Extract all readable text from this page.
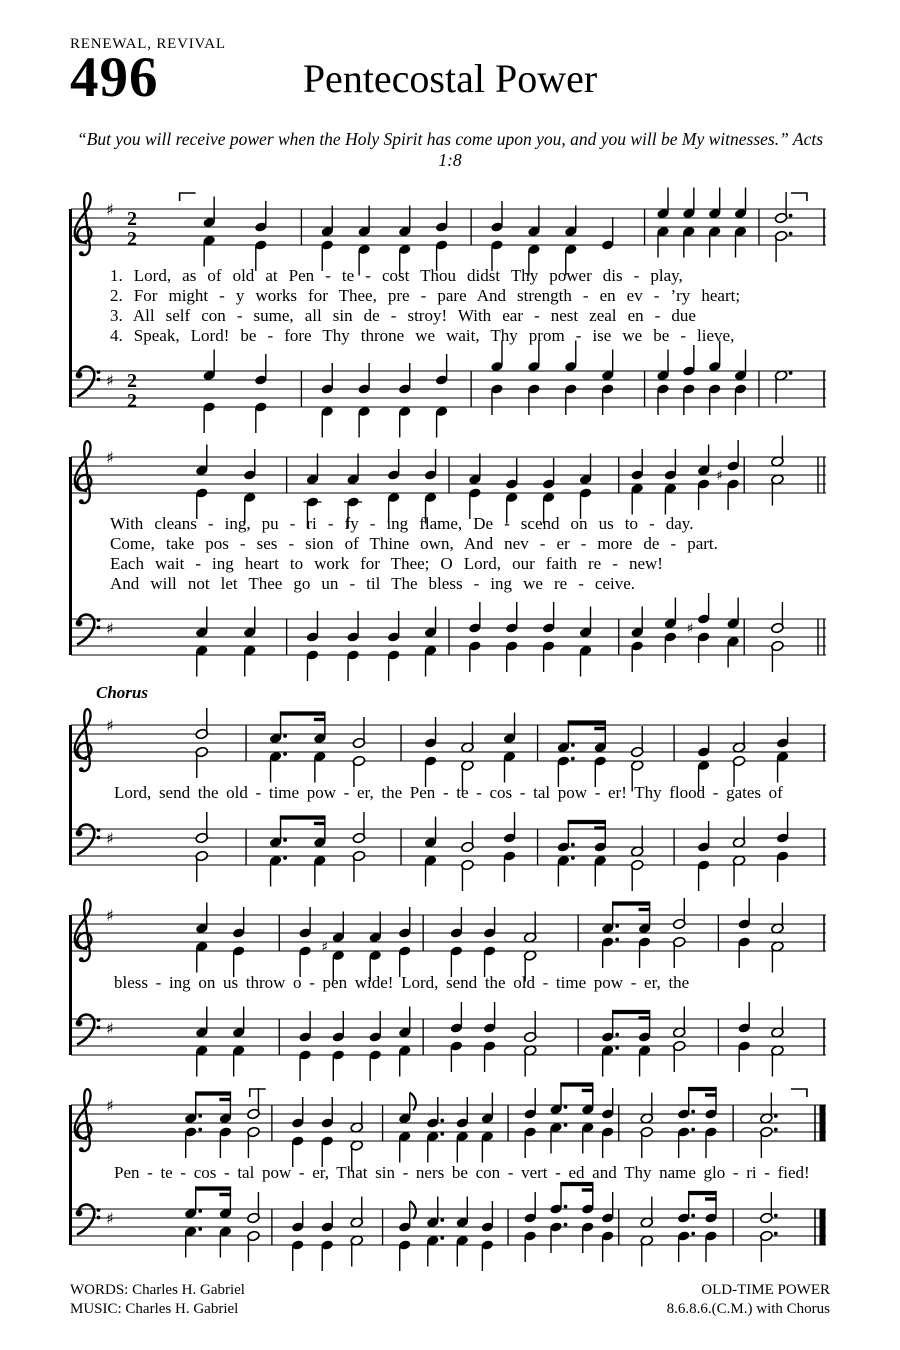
RENEWAL, REVIVAL
496	Pentecostal Power
“But you will receive power when the Holy Spirit has come upon you, and you will be My witnesses.” Acts 1:8
♯ 2
2
1. Lord, as of old at Pen - te - cost Thou didst Thy power dis - play,
2. For might - y works for Thee, pre - pare And strength - en ev - ’ry heart;
3. All self con - sume, all sin de - stroy! With ear - nest zeal en - due
4. Speak, Lord! be - fore Thy throne we wait, Thy prom - ise we be - lieve,
♯ 2
2
♯
♯
With cleans - ing, pu - ri - fy - ing flame, De - scend on us to - day.
Come, take pos - ses - sion of Thine own, And nev - er - more de - part.
Each wait - ing heart to work for Thee; O Lord, our faith re - new!
And will not let Thee go un - til The bless - ing we re - ceive.
♯	♯
Chorus
♯
Lord, send the old - time pow - er, the Pen - te - cos - tal pow - er! Thy flood - gates of
♯
♯
♯
bless - ing on us throw o - pen wide! Lord, send the old - time pow - er, the
♯
♯
Pen - te - cos - tal pow - er, That sin - ners be con - vert - ed and Thy name glo - ri - fied!
♯
WORDS: Charles H. Gabriel
MUSIC: Charles H. Gabriel
OLD-TIME POWER
8.6.8.6.(C.M.) with Chorus
